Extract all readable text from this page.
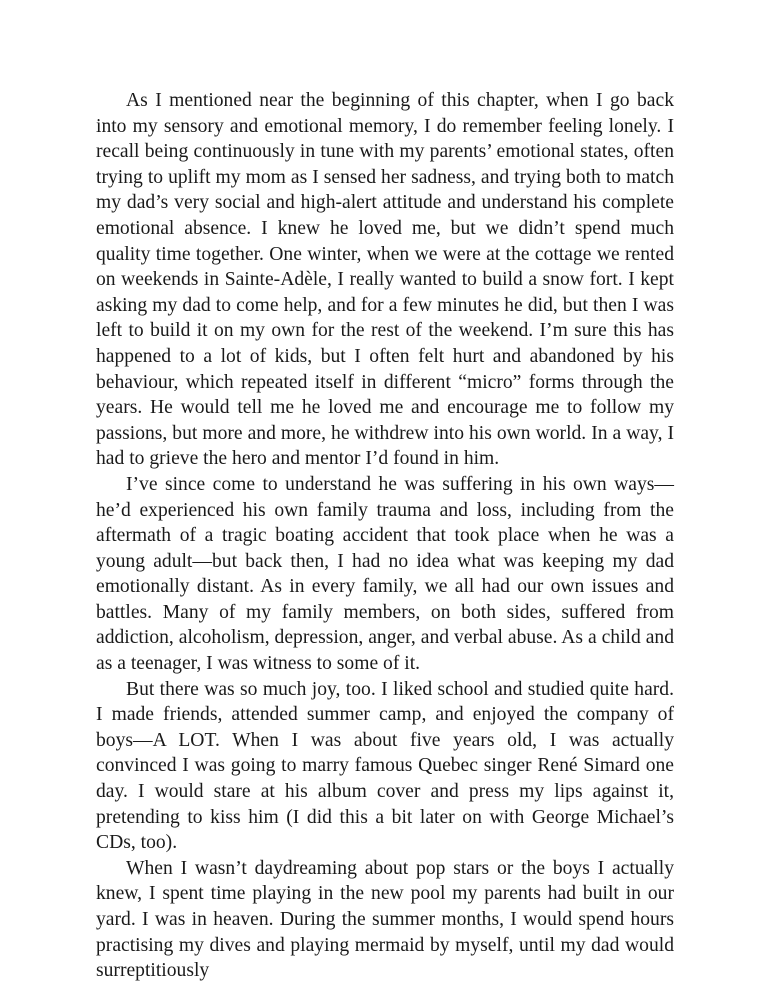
As I mentioned near the beginning of this chapter, when I go back into my sensory and emotional memory, I do remember feeling lonely. I recall being continuously in tune with my parents’ emotional states, often trying to uplift my mom as I sensed her sadness, and trying both to match my dad’s very social and high-alert attitude and understand his complete emotional absence. I knew he loved me, but we didn’t spend much quality time together. One winter, when we were at the cottage we rented on weekends in Sainte-Adèle, I really wanted to build a snow fort. I kept asking my dad to come help, and for a few minutes he did, but then I was left to build it on my own for the rest of the weekend. I’m sure this has happened to a lot of kids, but I often felt hurt and abandoned by his behaviour, which repeated itself in different “micro” forms through the years. He would tell me he loved me and encourage me to follow my passions, but more and more, he withdrew into his own world. In a way, I had to grieve the hero and mentor I’d found in him.

I’ve since come to understand he was suffering in his own ways—he’d experienced his own family trauma and loss, including from the aftermath of a tragic boating accident that took place when he was a young adult—but back then, I had no idea what was keeping my dad emotionally distant. As in every family, we all had our own issues and battles. Many of my family members, on both sides, suffered from addiction, alcoholism, depression, anger, and verbal abuse. As a child and as a teenager, I was witness to some of it.

But there was so much joy, too. I liked school and studied quite hard. I made friends, attended summer camp, and enjoyed the company of boys—A LOT. When I was about five years old, I was actually convinced I was going to marry famous Quebec singer René Simard one day. I would stare at his album cover and press my lips against it, pretending to kiss him (I did this a bit later on with George Michael’s CDs, too).

When I wasn’t daydreaming about pop stars or the boys I actually knew, I spent time playing in the new pool my parents had built in our yard. I was in heaven. During the summer months, I would spend hours practising my dives and playing mermaid by myself, until my dad would surreptitiously
